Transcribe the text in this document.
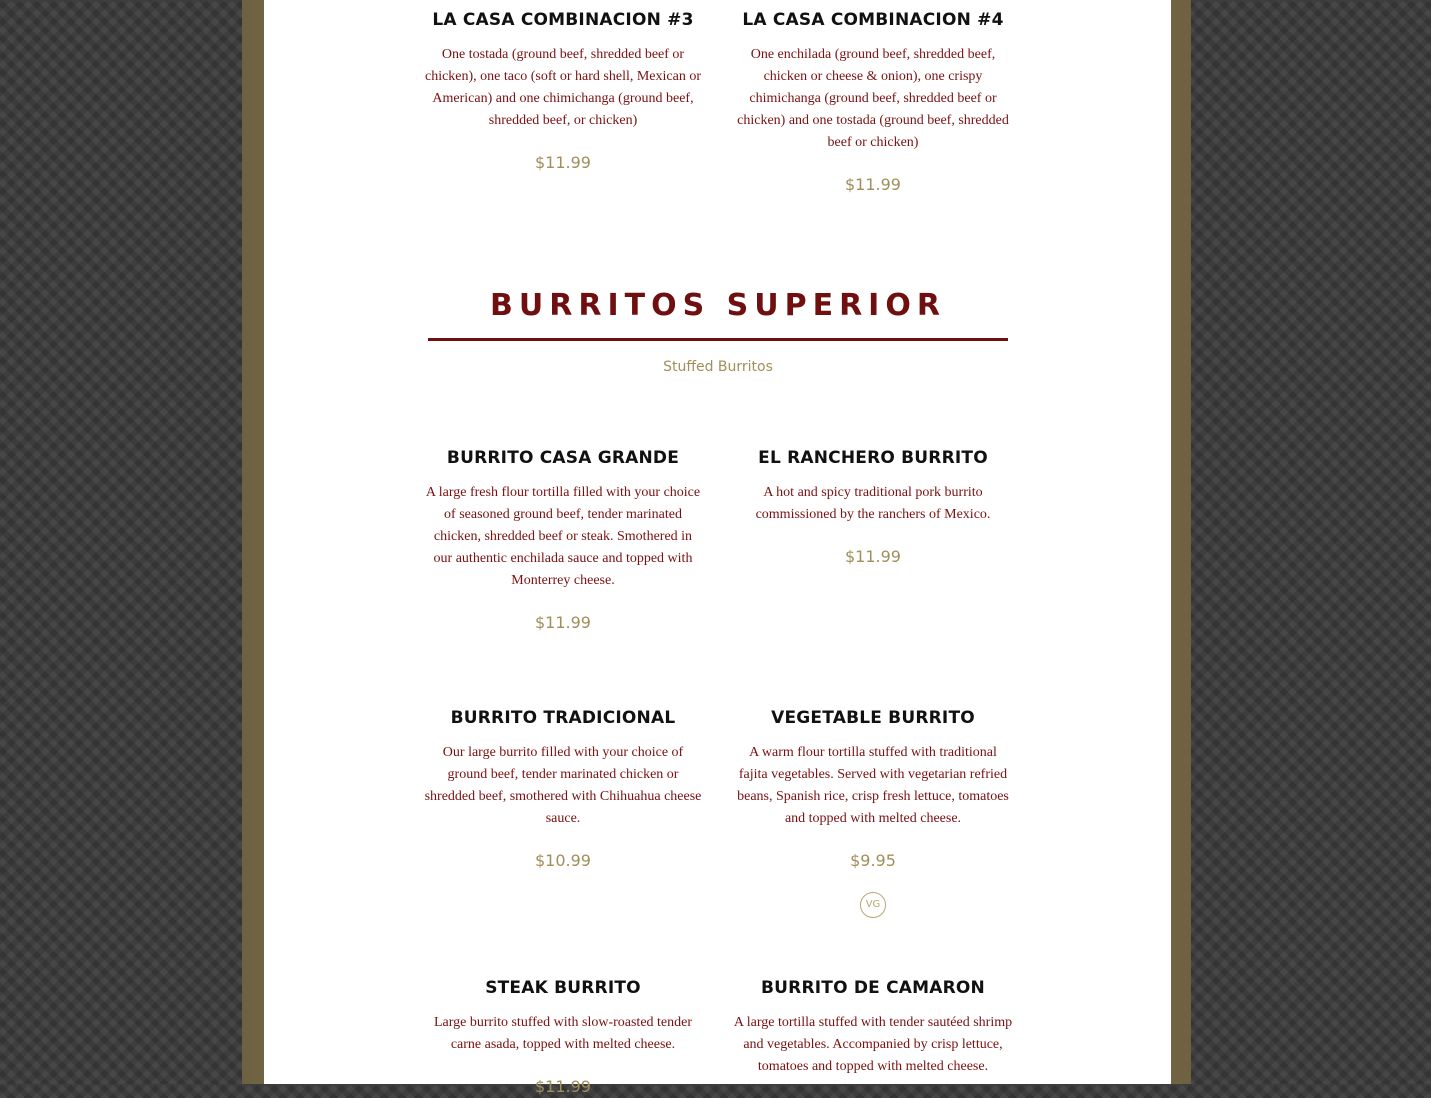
LA CASA COMBINACION #3
One tostada (ground beef, shredded beef or chicken), one taco (soft or hard shell, Mexican or American) and one chimichanga (ground beef, shredded beef, or chicken)
$11.99
LA CASA COMBINACION #4
One enchilada (ground beef, shredded beef, chicken or cheese & onion), one crispy chimichanga (ground beef, shredded beef or chicken) and one tostada (ground beef, shredded beef or chicken)
$11.99
BURRITOS SUPERIOR
Stuffed Burritos
BURRITO CASA GRANDE
A large fresh flour tortilla filled with your choice of seasoned ground beef, tender marinated chicken, shredded beef or steak. Smothered in our authentic enchilada sauce and topped with Monterrey cheese.
$11.99
EL RANCHERO BURRITO
A hot and spicy traditional pork burrito commissioned by the ranchers of Mexico.
$11.99
BURRITO TRADICIONAL
Our large burrito filled with your choice of ground beef, tender marinated chicken or shredded beef, smothered with Chihuahua cheese sauce.
$10.99
VEGETABLE BURRITO
A warm flour tortilla stuffed with traditional fajita vegetables. Served with vegetarian refried beans, Spanish rice, crisp fresh lettuce, tomatoes and topped with melted cheese.
$9.95
VG
STEAK BURRITO
Large burrito stuffed with slow-roasted tender carne asada, topped with melted cheese.
$11.99
BURRITO DE CAMARON
A large tortilla stuffed with tender sautéed shrimp and vegetables. Accompanied by crisp lettuce, tomatoes and topped with melted cheese.
